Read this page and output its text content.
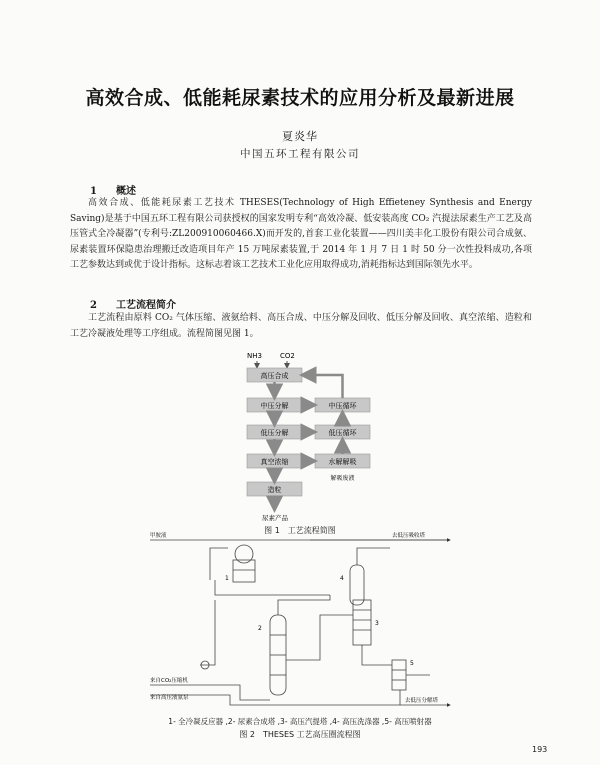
高效合成、低能耗尿素技术的应用分析及最新进展
夏炎华
中国五环工程有限公司
1 概述
高效合成、低能耗尿素工艺技术 THESES(Technology of High Effieteney Synthesis and Energy Saving)是基于中国五环工程有限公司获授权的国家发明专利“高效冷凝、低安装高度 CO₂ 汽提法尿素生产工艺及高压管式全冷凝器”(专利号:ZL200910060466.X)而开发的,首套工业化装置——四川美丰化工股份有限公司合成氨、尿素装置环保隐患治理搬迁改造项目年产 15 万吨尿素装置,于 2014 年 1 月 7 日 1 时 50 分一次性投料成功,各项工艺参数达到或优于设计指标。这标志着该工艺技术工业化应用取得成功,消耗指标达到国际领先水平。
2 工艺流程简介
工艺流程由原料 CO₂ 气体压缩、液氨给料、高压合成、中压分解及回收、低压分解及回收、真空浓缩、造粒和工艺冷凝液处理等工序组成。流程简图见图 1。
NH3	CO2
高压合成
中压分解
低压分解
真空浓缩
造粒
中压循环
低压循环
水解解吸
解吸废液
尿素产品
图 1　工艺流程简图
甲胺液	去低压吸收塔
来自CO₂压缩机
来自高压液氨泵	去低压分解塔
1
2
3
4
5
1- 全冷凝反应器 ,2- 尿素合成塔 ,3- 高压汽提塔 ,4- 高压洗涤器 ,5- 高压喷射器
图 2　THESES 工艺高压圈流程图
193
